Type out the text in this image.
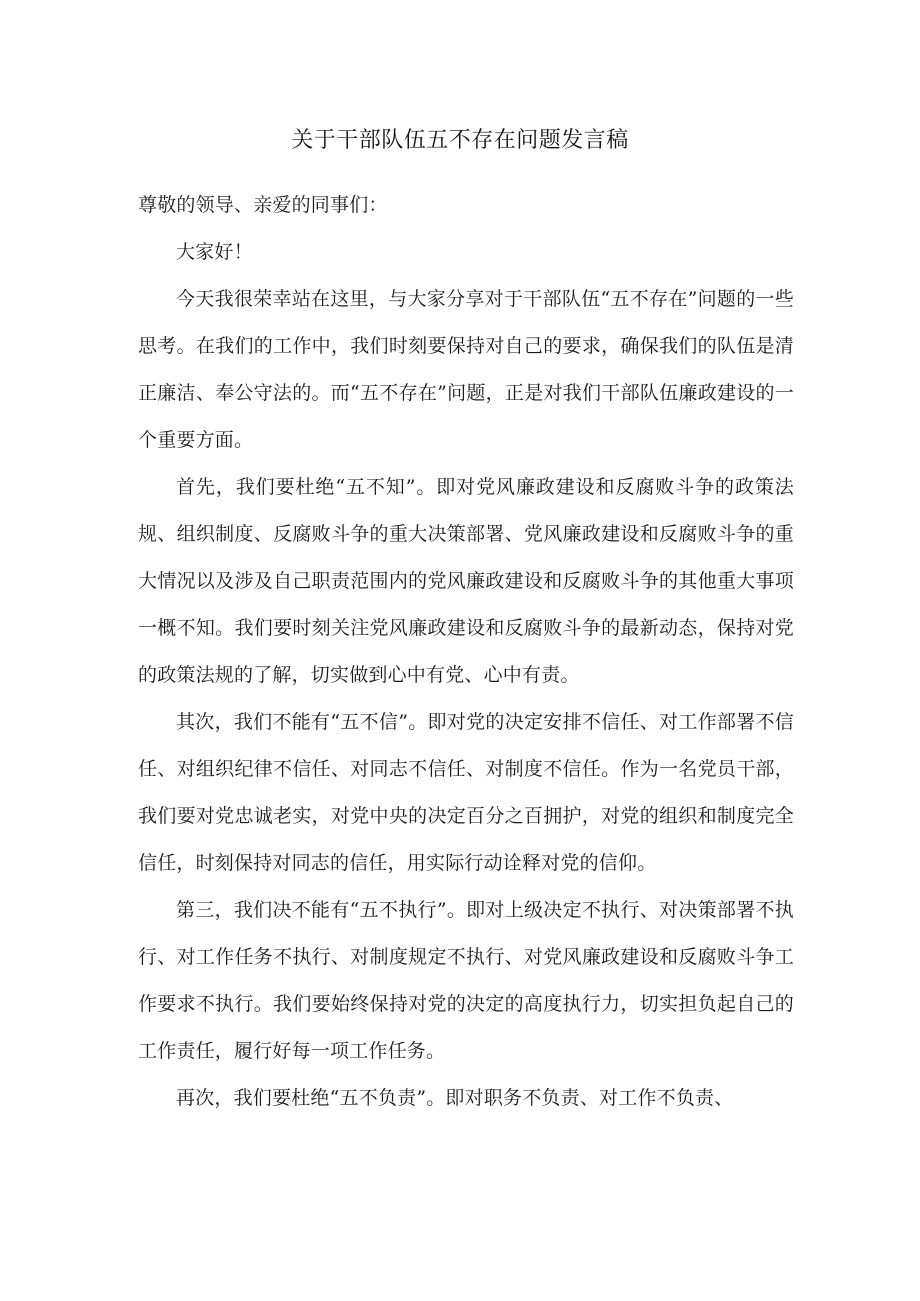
关于干部队伍五不存在问题发言稿

尊敬的领导、亲爱的同事们：

大家好！

今天我很荣幸站在这里，与大家分享对于干部队伍“五不存在”问题的一些思考。在我们的工作中，我们时刻要保持对自己的要求，确保我们的队伍是清正廉洁、奉公守法的。而“五不存在”问题，正是对我们干部队伍廉政建设的一个重要方面。

首先，我们要杜绝“五不知”。即对党风廉政建设和反腐败斗争的政策法规、组织制度、反腐败斗争的重大决策部署、党风廉政建设和反腐败斗争的重大情况以及涉及自己职责范围内的党风廉政建设和反腐败斗争的其他重大事项一概不知。我们要时刻关注党风廉政建设和反腐败斗争的最新动态，保持对党的政策法规的了解，切实做到心中有党、心中有责。

其次，我们不能有“五不信”。即对党的决定安排不信任、对工作部署不信任、对组织纪律不信任、对同志不信任、对制度不信任。作为一名党员干部，我们要对党忠诚老实，对党中央的决定百分之百拥护，对党的组织和制度完全信任，时刻保持对同志的信任，用实际行动诠释对党的信仰。

第三，我们决不能有“五不执行”。即对上级决定不执行、对决策部署不执行、对工作任务不执行、对制度规定不执行、对党风廉政建设和反腐败斗争工作要求不执行。我们要始终保持对党的决定的高度执行力，切实担负起自己的工作责任，履行好每一项工作任务。

再次，我们要杜绝“五不负责”。即对职务不负责、对工作不负责、
